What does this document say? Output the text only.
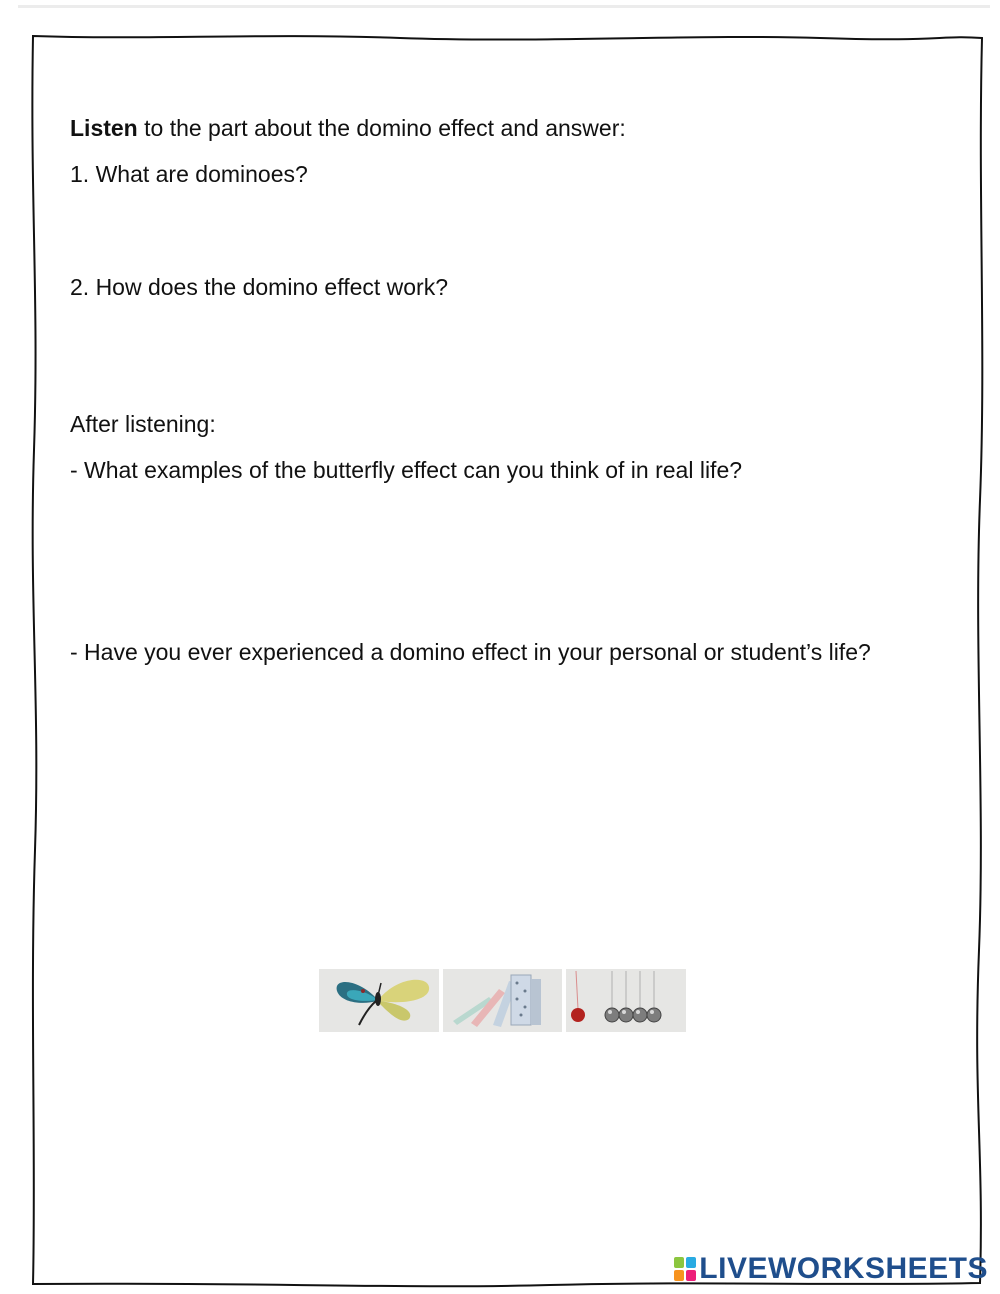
Listen to the part about the domino effect and answer:

1. What are dominoes?

2. How does the domino effect work?

After listening:

- What examples of the butterfly effect can you think of in real life?

- Have you ever experienced a domino effect in your personal or student’s life?

LIVEWORKSHEETS
